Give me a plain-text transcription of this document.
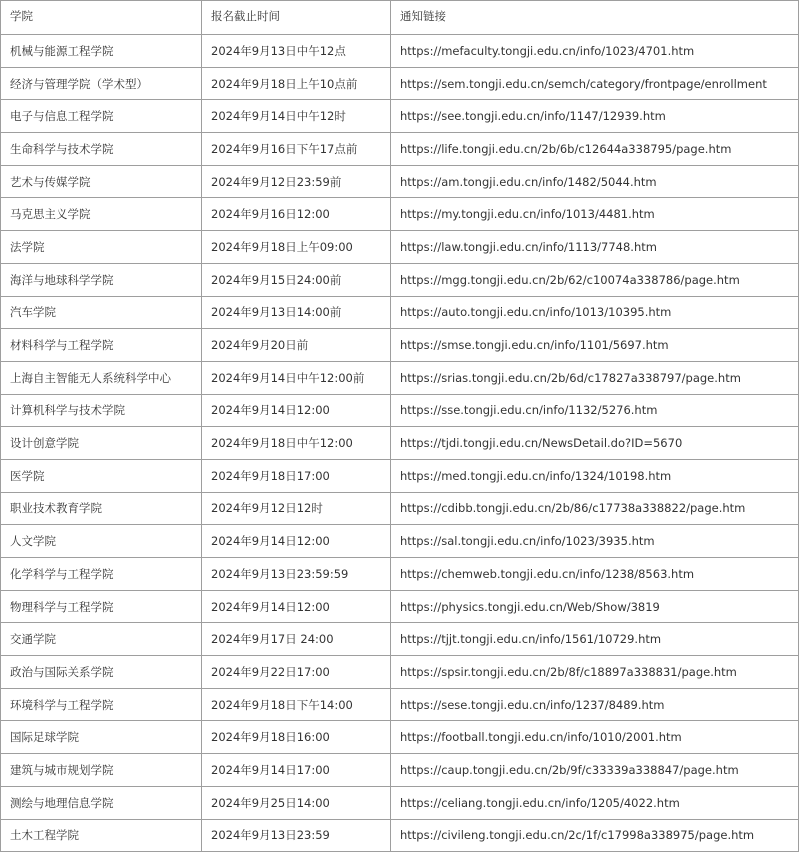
学院	报名截止时间	通知链接
机械与能源工程学院	2024年9月13日中午12点	https://mefaculty.tongji.edu.cn/info/1023/4701.htm
经济与管理学院（学术型）	2024年9月18日上午10点前	https://sem.tongji.edu.cn/semch/category/frontpage/enrollment
电子与信息工程学院	2024年9月14日中午12时	https://see.tongji.edu.cn/info/1147/12939.htm
生命科学与技术学院	2024年9月16日下午17点前	https://life.tongji.edu.cn/2b/6b/c12644a338795/page.htm
艺术与传媒学院	2024年9月12日23:59前	https://am.tongji.edu.cn/info/1482/5044.htm
马克思主义学院	2024年9月16日12:00	https://my.tongji.edu.cn/info/1013/4481.htm
法学院	2024年9月18日上午09:00	https://law.tongji.edu.cn/info/1113/7748.htm
海洋与地球科学学院	2024年9月15日24:00前	https://mgg.tongji.edu.cn/2b/62/c10074a338786/page.htm
汽车学院	2024年9月13日14:00前	https://auto.tongji.edu.cn/info/1013/10395.htm
材料科学与工程学院	2024年9月20日前	https://smse.tongji.edu.cn/info/1101/5697.htm
上海自主智能无人系统科学中心	2024年9月14日中午12:00前	https://srias.tongji.edu.cn/2b/6d/c17827a338797/page.htm
计算机科学与技术学院	2024年9月14日12:00	https://sse.tongji.edu.cn/info/1132/5276.htm
设计创意学院	2024年9月18日中午12:00	https://tjdi.tongji.edu.cn/NewsDetail.do?ID=5670
医学院	2024年9月18日17:00	https://med.tongji.edu.cn/info/1324/10198.htm
职业技术教育学院	2024年9月12日12时	https://cdibb.tongji.edu.cn/2b/86/c17738a338822/page.htm
人文学院	2024年9月14日12:00	https://sal.tongji.edu.cn/info/1023/3935.htm
化学科学与工程学院	2024年9月13日23:59:59	https://chemweb.tongji.edu.cn/info/1238/8563.htm
物理科学与工程学院	2024年9月14日12:00	https://physics.tongji.edu.cn/Web/Show/3819
交通学院	2024年9月17日 24:00	https://tjjt.tongji.edu.cn/info/1561/10729.htm
政治与国际关系学院	2024年9月22日17:00	https://spsir.tongji.edu.cn/2b/8f/c18897a338831/page.htm
环境科学与工程学院	2024年9月18日下午14:00	https://sese.tongji.edu.cn/info/1237/8489.htm
国际足球学院	2024年9月18日16:00	https://football.tongji.edu.cn/info/1010/2001.htm
建筑与城市规划学院	2024年9月14日17:00	https://caup.tongji.edu.cn/2b/9f/c33339a338847/page.htm
测绘与地理信息学院	2024年9月25日14:00	https://celiang.tongji.edu.cn/info/1205/4022.htm
土木工程学院	2024年9月13日23:59	https://civileng.tongji.edu.cn/2c/1f/c17998a338975/page.htm
